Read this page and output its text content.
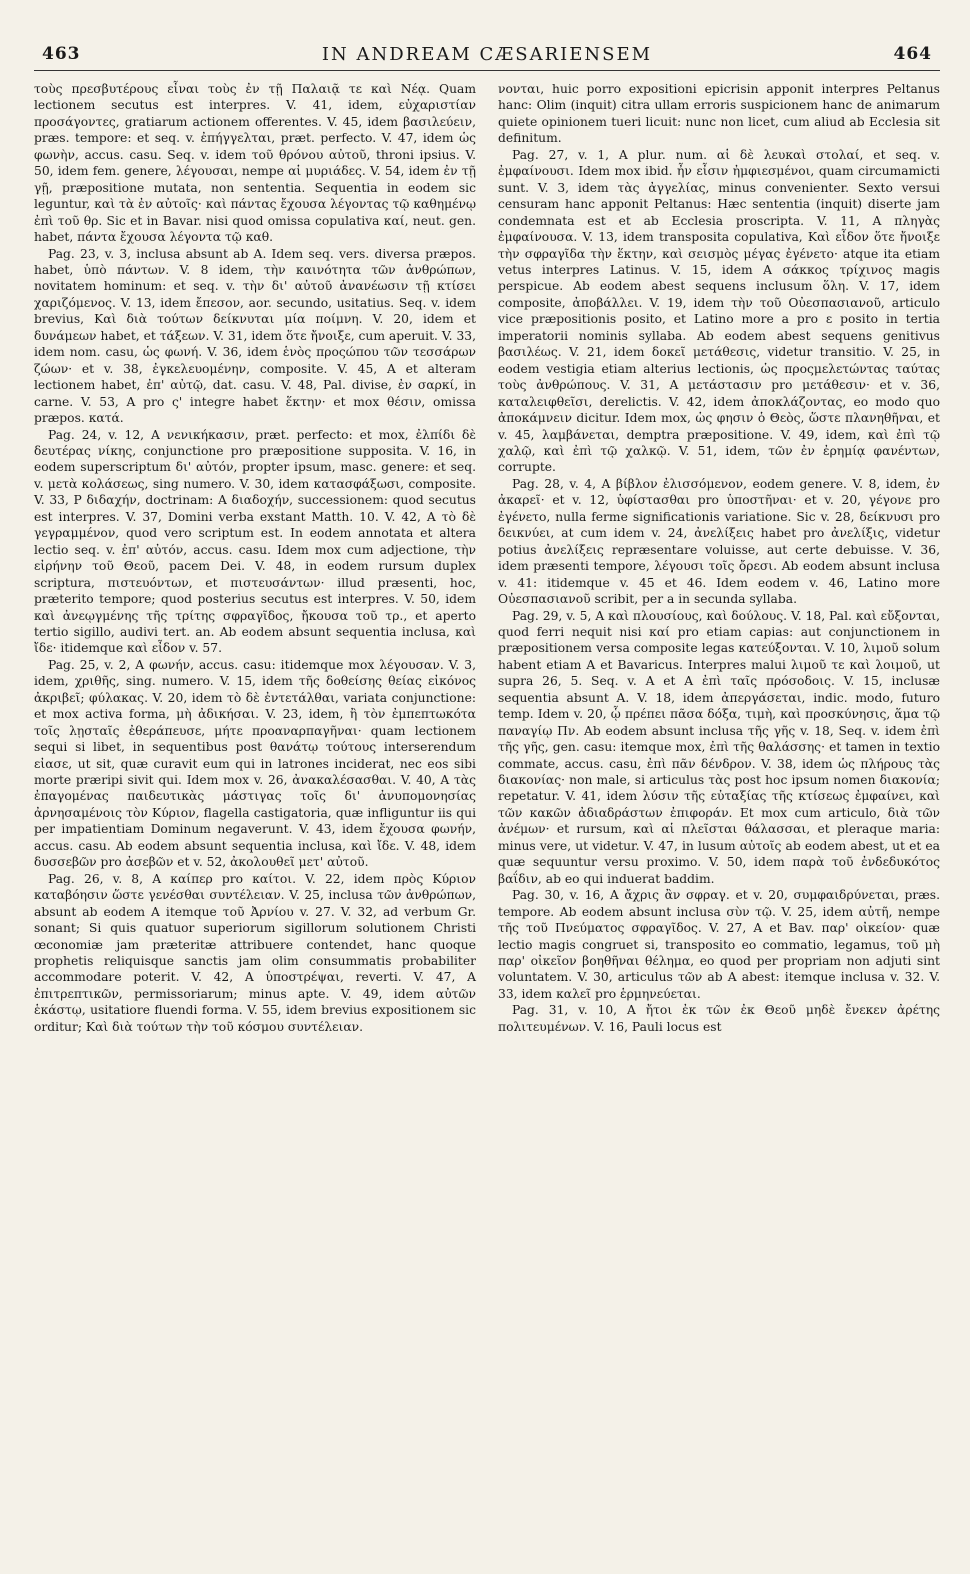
463	IN ANDREAM CÆSARIENSEM	464

τοὺς πρεσβυτέρους εἶναι τοὺς ἐν τῇ Παλαιᾷ τε καὶ Νέᾳ. Quam lectionem secutus est interpres. V. 41, idem, εὐχαριστίαν προσάγοντες, gratiarum actionem offerentes. V. 45, idem βασιλεύειν, præs. tempore: et seq. v. ἐπήγγελται, præt. perfecto. V. 47, idem ὡς φωνὴν, accus. casu. Seq. v. idem τοῦ θρόνου αὐτοῦ, throni ipsius. V. 50, idem fem. genere, λέγουσαι, nempe αἱ μυριάδες. V. 54, idem ἐν τῇ γῇ, præpositione mutata, non sententia. Sequentia in eodem sic leguntur, καὶ τὰ ἐν αὐτοῖς· καὶ πάντας ἔχουσα λέγοντας τῷ καθημένῳ ἐπὶ τοῦ θρ. Sic et in Bavar. nisi quod omissa copulativa καί, neut. gen. habet, πάντα ἔχουσα λέγοντα τῷ καθ.

Pag. 23, v. 3, inclusa absunt ab A. Idem seq. vers. diversa præpos. habet, ὑπὸ πάντων. V. 8 idem, τὴν καινότητα τῶν ἀνθρώπων, novitatem hominum: et seq. v. τὴν δι' αὐτοῦ ἀνανέωσιν τῇ κτίσει χαριζόμενος. V. 13, idem ἔπεσον, aor. secundo, usitatius. Seq. v. idem brevius, Καὶ διὰ τούτων δείκνυται μία ποίμνη. V. 20, idem et δυνάμεων habet, et τάξεων. V. 31, idem ὅτε ἤνοιξε, cum aperuit. V. 33, idem nom. casu, ὡς φωνή. V. 36, idem ἑνὸς προςώπου τῶν τεσσάρων ζώων· et v. 38, ἐγκελευομένην, composite. V. 45, A et alteram lectionem habet, ἐπ' αὐτῷ, dat. casu. V. 48, Pal. divise, ἐν σαρκί, in carne. V. 53, A pro ς' integre habet ἕκτην· et mox θέσιν, omissa præpos. κατά.

Pag. 24, v. 12, A νενικήκασιν, præt. perfecto: et mox, ἐλπίδι δὲ δευτέρας νίκης, conjunctione pro præpositione supposita. V. 16, in eodem superscriptum δι' αὐτόν, propter ipsum, masc. genere: et seq. v. μετὰ κολάσεως, sing numero. V. 30, idem κατασφάξωσι, composite. V. 33, P διδαχήν, doctrinam: A διαδοχήν, successionem: quod secutus est interpres. V. 37, Domini verba exstant Matth. 10. V. 42, A τὸ δὲ γεγραμμένον, quod vero scriptum est. In eodem annotata et altera lectio seq. v. ἐπ' αὐτόν, accus. casu. Idem mox cum adjectione, τὴν εἰρήνην τοῦ Θεοῦ, pacem Dei. V. 48, in eodem rursum duplex scriptura, πιστευόντων, et πιστευσάντων· illud præsenti, hoc, præterito tempore; quod posterius secutus est interpres. V. 50, idem καὶ ἀνεῳγμένης τῆς τρίτης σφραγῖδος, ἤκουσα τοῦ τρ., et aperto tertio sigillo, audivi tert. an. Ab eodem absunt sequentia inclusa, καὶ ἴδε· itidemque καὶ εἶδον v. 57.

Pag. 25, v. 2, A φωνήν, accus. casu: itidemque mox λέγουσαν. V. 3, idem, χριθῆς, sing. numero. V. 15, idem τῆς δοθείσης θείας εἰκόνος ἀκριβεῖ; φύλακας. V. 20, idem τὸ δὲ ἐντετάλθαι, variata conjunctione: et mox activa forma, μὴ ἀδικήσαι. V. 23, idem, ἢ τὸν ἐμπεπτωκότα τοῖς λῃσταῖς ἐθεράπευσε, μήτε προαναρπαγῆναι· quam lectionem sequi si libet, in sequentibus post θανάτῳ τούτους interserendum εἰασε, ut sit, quæ curavit eum qui in latrones inciderat, nec eos sibi morte præripi sivit qui. Idem mox v. 26, ἀνακαλέσασθαι. V. 40, A τὰς ἐπαγομένας παιδευτικὰς μάστιγας τοῖς δι' ἀνυπομονησίας ἀρνησαμένοις τὸν Κύριον, flagella castigatoria, quæ infliguntur iis qui per impatientiam Dominum negaverunt. V. 43, idem ἔχουσα φωνήν, accus. casu. Ab eodem absunt sequentia inclusa, καὶ ἴδε. V. 48, idem δυσσεβῶν pro ἀσεβῶν et v. 52, ἀκολουθεῖ μετ' αὐτοῦ.

Pag. 26, v. 8, A καίπερ pro καίτοι. V. 22, idem πρὸς Κύριον καταβόησιν ὥστε γενέσθαι συντέλειαν. V. 25, inclusa τῶν ἀνθρώπων, absunt ab eodem A itemque τοῦ Ἀρνίου v. 27. V. 32, ad verbum Gr. sonant; Si quis quatuor superiorum sigillorum solutionem Christi œconomiæ jam præteritæ attribuere contendet, hanc quoque prophetis reliquisque sanctis jam olim consummatis probabiliter accommodare poterit. V. 42, A ὑποστρέψαι, reverti. V. 47, A ἐπιτρεπτικῶν, permissoriarum; minus apte. V. 49, idem αὐτῶν ἑκάστῳ, usitatiore fluendi forma. V. 55, idem brevius expositionem sic orditur; Καὶ διὰ τούτων τὴν τοῦ κόσμου συντέλειαν.

νονται, huic porro expositioni epicrisin apponit interpres Peltanus hanc: Olim (inquit) citra ullam erroris suspicionem hanc de animarum quiete opinionem tueri licuit: nunc non licet, cum aliud ab Ecclesia sit definitum.

Pag. 27, v. 1, A plur. num. αἱ δὲ λευκαὶ στολαί, et seq. v. ἐμφαίνουσι. Idem mox ibid. ἦν εἶσιν ἠμφιεσμένοι, quam circumamicti sunt. V. 3, idem τὰς ἀγγελίας, minus convenienter. Sexto versui censuram hanc apponit Peltanus: Hæc sententia (inquit) diserte jam condemnata est et ab Ecclesia proscripta. V. 11, A πληγὰς ἐμφαίνουσα. V. 13, idem transposita copulativa, Καὶ εἶδον ὅτε ἤνοιξε τὴν σφραγῖδα τὴν ἕκτην, καὶ σεισμὸς μέγας ἐγένετο· atque ita etiam vetus interpres Latinus. V. 15, idem A σάκκος τρίχινος magis perspicue. Ab eodem abest sequens inclusum ὅλη. V. 17, idem composite, ἀποβάλλει. V. 19, idem τὴν τοῦ Οὐεσπασιανοῦ, articulo vice præpositionis posito, et Latino more a pro ε posito in tertia imperatorii nominis syllaba. Ab eodem abest sequens genitivus βασιλέως. V. 21, idem δοκεῖ μετάθεσις, videtur transitio. V. 25, in eodem vestigia etiam alterius lectionis, ὡς προςμελετώντας ταύτας τοὺς ἀνθρώπους. V. 31, A μετάστασιν pro μετάθεσιν· et v. 36, καταλειφθεῖσι, derelictis. V. 42, idem ἀποκλάζοντας, eo modo quo ἀποκάμνειν dicitur. Idem mox, ὡς φησιν ὁ Θεὸς, ὥστε πλανηθῆναι, et v. 45, λαμβάνεται, demptra præpositione. V. 49, idem, καὶ ἐπὶ τῷ χαλῷ, καὶ ἐπὶ τῷ χαλκῷ. V. 51, idem, τῶν ἐν ἐρημίᾳ φανέντων, corrupte.

Pag. 28, v. 4, A βίβλον ἐλισσόμενον, eodem genere. V. 8, idem, ἐν ἀκαρεῖ· et v. 12, ὑφίστασθαι pro ὑποστῆναι· et v. 20, γέγονε pro ἐγένετο, nulla ferme significationis variatione. Sic v. 28, δείκνυσι pro δεικνύει, at cum idem v. 24, ἀνελίξεις habet pro ἀνελίξις, videtur potius ἀνελίξεις repræsentare voluisse, aut certe debuisse. V. 36, idem præsenti tempore, λέγουσι τοῖς ὄρεσι. Ab eodem absunt inclusa v. 41: itidemque v. 45 et 46. Idem eodem v. 46, Latino more Οὐεσπασιανοῦ scribit, per a in secunda syllaba.

Pag. 29, v. 5, A καὶ πλουσίους, καὶ δούλους. V. 18, Pal. καὶ εὔξονται, quod ferri nequit nisi καί pro etiam capias: aut conjunctionem in præpositionem versa composite legas κατεύξονται. V. 10, λιμοῦ solum habent etiam A et Bavaricus. Interpres malui λιμοῦ τε καὶ λοιμοῦ, ut supra 26, 5. Seq. v. A et A ἐπὶ ταῖς πρόσοδοις. V. 15, inclusæ sequentia absunt A. V. 18, idem ἀπεργάσεται, indic. modo, futuro temp. Idem v. 20, ᾧ πρέπει πᾶσα δόξα, τιμὴ, καὶ προσκύνησις, ἅμα τῷ παναγίῳ Πν. Ab eodem absunt inclusa τῆς γῆς v. 18, Seq. v. idem ἐπὶ τῆς γῆς, gen. casu: itemque mox, ἐπὶ τῆς θαλάσσης· et tamen in textio commate, accus. casu, ἐπὶ πᾶν δένδρον. V. 38, idem ὡς πλήρους τὰς διακονίας· non male, si articulus τὰς post hoc ipsum nomen διακονία; repetatur. V. 41, idem λύσιν τῆς εὐταξίας τῆς κτίσεως ἐμφαίνει, καὶ τῶν κακῶν ἀδιαδράστων ἐπιφοράν. Et mox cum articulo, διὰ τῶν ἀνέμων· et rursum, καὶ αἱ πλεῖσται θάλασσαι, et pleraque maria: minus vere, ut videtur. V. 47, in lusum αὐτοῖς ab eodem abest, ut et ea quæ sequuntur versu proximo. V. 50, idem παρὰ τοῦ ἐνδεδυκότος βαΐδιν, ab eo qui induerat baddim.

Pag. 30, v. 16, A ἄχρις ἂν σφραγ. et v. 20, συμφαιδρύνεται, præs. tempore. Ab eodem absunt inclusa σὺν τῷ. V. 25, idem αὐτῆ, nempe τῆς τοῦ Πνεύματος σφραγῖδος. V. 27, A et Bav. παρ' οἰκείον· quæ lectio magis congruet si, transposito eo commatio, legamus, τοῦ μὴ παρ' οἰκεῖον βοηθῆναι θέλημα, eo quod per propriam non adjuti sint voluntatem. V. 30, articulus τῶν ab A abest: itemque inclusa v. 32. V. 33, idem καλεῖ pro ἑρμηνεύεται.

Pag. 31, v. 10, A ἤτοι ἐκ τῶν ἐκ Θεοῦ μηδὲ ἔνεκεν ἀρέτης πολιτευμένων. V. 16, Pauli locus est
